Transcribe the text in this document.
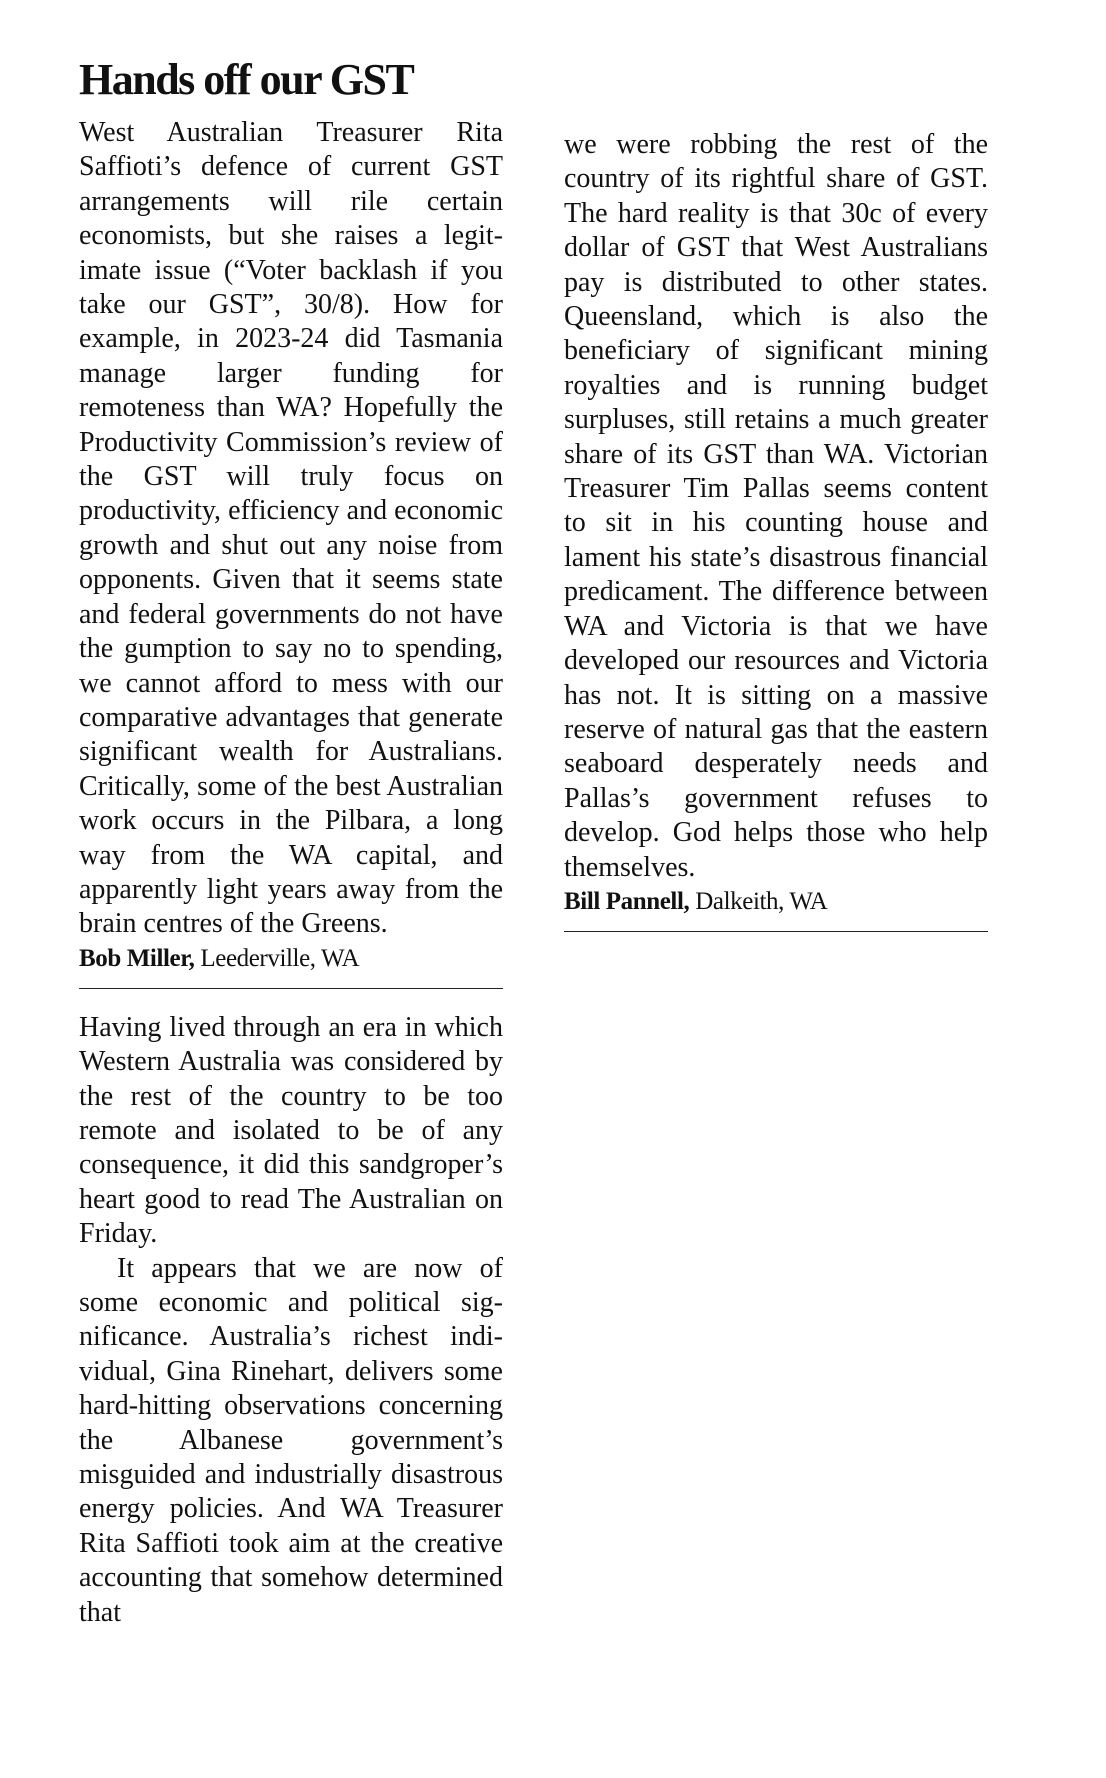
Hands off our GST

West Australian Treasurer Rita Saffioti’s defence of current GST arrangements will rile certain economists, but she raises a legitimate issue (“Voter backlash if you take our GST”, 30/8). How for example, in 2023-24 did Tasmania manage larger funding for remoteness than WA? Hopefully the Productivity Commission’s review of the GST will truly focus on productivity, efficiency and economic growth and shut out any noise from opponents. Given that it seems state and federal governments do not have the gumption to say no to spending, we cannot afford to mess with our comparative advantages that generate significant wealth for Australians. Critically, some of the best Australian work occurs in the Pilbara, a long way from the WA capital, and apparently light years away from the brain centres of the Greens.

Bob Miller, Leederville, WA

Having lived through an era in which Western Australia was considered by the rest of the country to be too remote and isolated to be of any consequence, it did this sandgroper’s heart good to read The Australian on Friday.

It appears that we are now of some economic and political significance. Australia’s richest individual, Gina Rinehart, delivers some hard-hitting observations concerning the Albanese government’s misguided and industrially disastrous energy policies. And WA Treasurer Rita Saffioti took aim at the creative accounting that somehow determined that

we were robbing the rest of the country of its rightful share of GST. The hard reality is that 30c of every dollar of GST that West Australians pay is distributed to other states. Queensland, which is also the beneficiary of significant mining royalties and is running budget surpluses, still retains a much greater share of its GST than WA. Victorian Treasurer Tim Pallas seems content to sit in his counting house and lament his state’s disastrous financial predicament. The difference between WA and Victoria is that we have developed our resources and Victoria has not. It is sitting on a massive reserve of natural gas that the eastern seaboard desperately needs and Pallas’s government refuses to develop. God helps those who help themselves.

Bill Pannell, Dalkeith, WA
